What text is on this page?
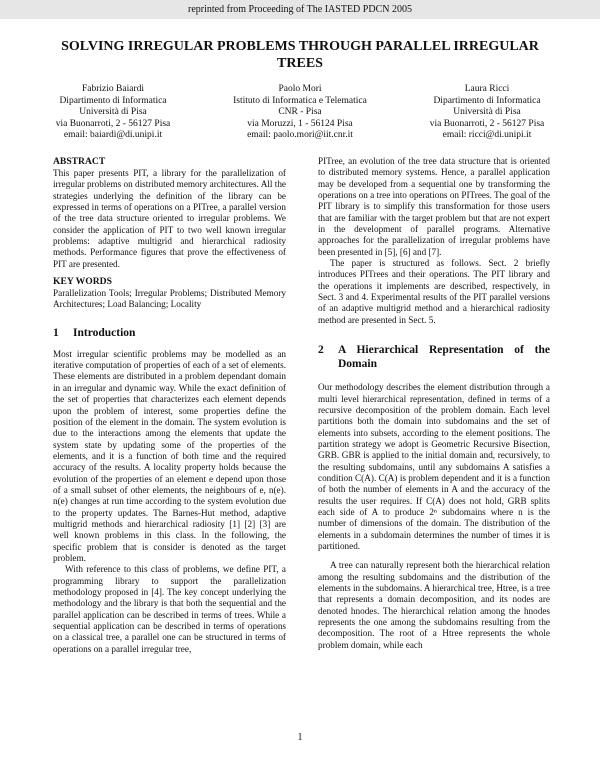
reprinted from Proceeding of The IASTED PDCN 2005
SOLVING IRREGULAR PROBLEMS THROUGH PARALLEL IRREGULAR TREES
Fabrizio Baiardi
Dipartimento di Informatica
Università di Pisa
via Buonarroti, 2 - 56127 Pisa
email: baiardi@di.unipi.it
Paolo Mori
Istituto di Informatica e Telematica
CNR - Pisa
via Moruzzi, 1 - 56124 Pisa
email: paolo.mori@iit.cnr.it
Laura Ricci
Dipartimento di Informatica
Università di Pisa
via Buonarroti, 2 - 56127 Pisa
email: ricci@di.unipi.it
ABSTRACT

This paper presents PIT, a library for the parallelization of irregular problems on distributed memory architectures. All the strategies underlying the definition of the library can be expressed in terms of operations on a PITree, a parallel version of the tree data structure oriented to irregular problems. We consider the application of PIT to two well known irregular problems: adaptive multigrid and hierarchical radiosity methods. Performance figures that prove the effectiveness of PIT are presented.

KEY WORDS

Parallelization Tools; Irregular Problems; Distributed Memory Architectures; Load Balancing; Locality

1	Introduction

Most irregular scientific problems may be modelled as an iterative computation of properties of each of a set of elements. These elements are distributed in a problem dependant domain in an irregular and dynamic way. While the exact definition of the set of properties that characterizes each element depends upon the problem of interest, some properties define the position of the element in the domain. The system evolution is due to the interactions among the elements that update the system state by updating some of the properties of the elements, and it is a function of both time and the required accuracy of the results. A locality property holds because the evolution of the properties of an element e depend upon those of a small subset of other elements, the neighbours of e, n(e). n(e) changes at run time according to the system evolution due to the property updates. The Barnes-Hut method, adaptive multigrid methods and hierarchical radiosity [1] [2] [3] are well known problems in this class. In the following, the specific problem that is consider is denoted as the target problem.

With reference to this class of problems, we define PIT, a programming library to support the parallelization methodology proposed in [4]. The key concept underlying the methodology and the library is that both the sequential and the parallel application can be described in terms of trees. While a sequential application can be described in terms of operations on a classical tree, a parallel one can be structured in terms of operations on a parallel irregular tree,

PITree, an evolution of the tree data structure that is oriented to distributed memory systems. Hence, a parallel application may be developed from a sequential one by transforming the operations on a tree into operations on PITrees. The goal of the PIT library is to simplify this transformation for those users that are familiar with the target problem but that are not expert in the development of parallel programs. Alternative approaches for the parallelization of irregular problems have been presented in [5], [6] and [7].

The paper is structured as follows. Sect. 2 briefly introduces PITrees and their operations. The PIT library and the operations it implements are described, respectively, in Sect. 3 and 4. Experimental results of the PIT parallel versions of an adaptive multigrid method and a hierarchical radiosity method are presented in Sect. 5.

2	A Hierarchical Representation of the Domain

Our methodology describes the element distribution through a multi level hierarchical representation, defined in terms of a recursive decomposition of the problem domain. Each level partitions both the domain into subdomains and the set of elements into subsets, according to the element positions. The partition strategy we adopt is Geometric Recursive Bisection, GRB. GBR is applied to the initial domain and, recursively, to the resulting subdomains, until any subdomains A satisfies a condition C(A). C(A) is problem dependent and it is a function of both the number of elements in A and the accuracy of the results the user requires. If C(A) does not hold, GRB splits each side of A to produce 2ⁿ subdomains where n is the number of dimensions of the domain. The distribution of the elements in a subdomain determines the number of times it is partitioned.

A tree can naturally represent both the hierarchical relation among the resulting subdomains and the distribution of the elements in the subdomains. A hierarchical tree, Htree, is a tree that represents a domain decomposition, and its nodes are denoted hnodes. The hierarchical relation among the hnodes represents the one among the subdomains resulting from the decomposition. The root of a Htree represents the whole problem domain, while each

1
